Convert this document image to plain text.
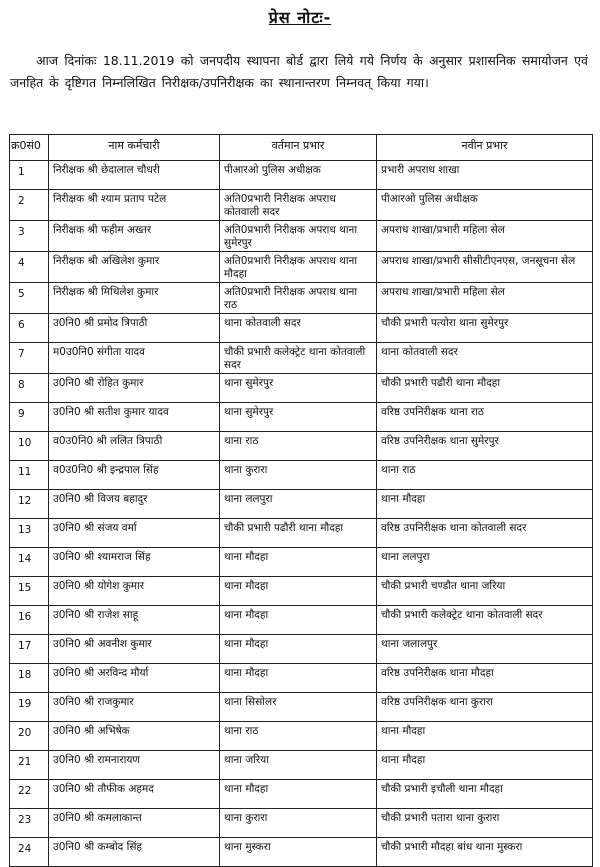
प्रेस नोटः-
आज दिनांकः 18.11.2019 को जनपदीय स्थापना बोर्ड द्वारा लिये गये निर्णय के अनुसार प्रशासनिक समायोजन एवं जनहित के दृष्टिगत निम्नलिखित निरीक्षक/उपनिरीक्षक का स्थानान्तरण निम्नवत् किया गया।
क्र0सं0	नाम कर्मचारी	वर्तमान प्रभार	नवीन प्रभार
1	निरीक्षक श्री छेदालाल चौधरी	पीआरओ पुलिस अधीक्षक	प्रभारी अपराध शाखा
2	निरीक्षक श्री श्याम प्रताप पटेल	अति0प्रभारी निरीक्षक अपराध कोतवाली सदर	पीआरओ पुलिस अधीक्षक
3	निरीक्षक श्री फहीम अख्तर	अति0प्रभारी निरीक्षक अपराध थाना सुमेरपुर	अपराध शाखा/प्रभारी महिला सेल
4	निरीक्षक श्री अखिलेश कुमार	अति0प्रभारी निरीक्षक अपराध थाना मौदहा	अपराध शाखा/प्रभारी सीसीटीएनएस, जनसूचना सेल
5	निरीक्षक श्री मिथिलेश कुमार	अति0प्रभारी निरीक्षक अपराध थाना राठ	अपराध शाखा/प्रभारी महिला सेल
6	उ0नि0 श्री प्रमोद त्रिपाठी	थाना कोतवाली सदर	चौकी प्रभारी पत्योरा थाना सुमेरपुर
7	म0उ0नि0 संगीता यादव	चौकी प्रभारी कलेक्ट्रेट थाना कोतवाली सदर	थाना कोतवाली सदर
8	उ0नि0 श्री रोहित कुमार	थाना सुमेरपुर	चौकी प्रभारी पढौरी थाना मौदहा
9	उ0नि0 श्री सतीश कुमार यादव	थाना सुमेरपुर	वरिष्ठ उपनिरीक्षक थाना राठ
10	व0उ0नि0 श्री ललित त्रिपाठी	थाना राठ	वरिष्ठ उपनिरीक्षक थाना सुमेरपुर
11	व0उ0नि0 श्री इन्द्रपाल सिंह	थाना कुरारा	थाना राठ
12	उ0नि0 श्री विजय बहादुर	थाना ललपुरा	थाना मौदहा
13	उ0नि0 श्री संजय वर्मा	चौकी प्रभारी पढौरी थाना मौदहा	वरिष्ठ उपनिरीक्षक थाना कोतवाली सदर
14	उ0नि0 श्री श्यामराज सिंह	थाना मौदहा	थाना ललपुरा
15	उ0नि0 श्री योगेश कुमार	थाना मौदहा	चौकी प्रभारी चण्डौत थाना जरिया
16	उ0नि0 श्री राजेश साहू	थाना मौदहा	चौकी प्रभारी कलेक्ट्रेट थाना कोतवाली सदर
17	उ0नि0 श्री अवनीश कुमार	थाना मौदहा	थाना जलालपुर
18	उ0नि0 श्री अरविन्द मौर्या	थाना मौदहा	वरिष्ठ उपनिरीक्षक थाना मौदहा
19	उ0नि0 श्री राजकुमार	थाना सिसोलर	वरिष्ठ उपनिरीक्षक थाना कुरारा
20	उ0नि0 श्री अभिषेक	थाना राठ	थाना मौदहा
21	उ0नि0 श्री रामनारायण	थाना जरिया	थाना मौदहा
22	उ0नि0 श्री तौफीक अहमद	थाना मौदहा	चौकी प्रभारी इचौली थाना मौदहा
23	उ0नि0 श्री कमलाकान्त	थाना कुरारा	चौकी प्रभारी पतारा थाना कुरारा
24	उ0नि0 श्री कम्बोद सिंह	थाना मुस्करा	चौकी प्रभारी मौदहा बांध थाना मुस्करा
